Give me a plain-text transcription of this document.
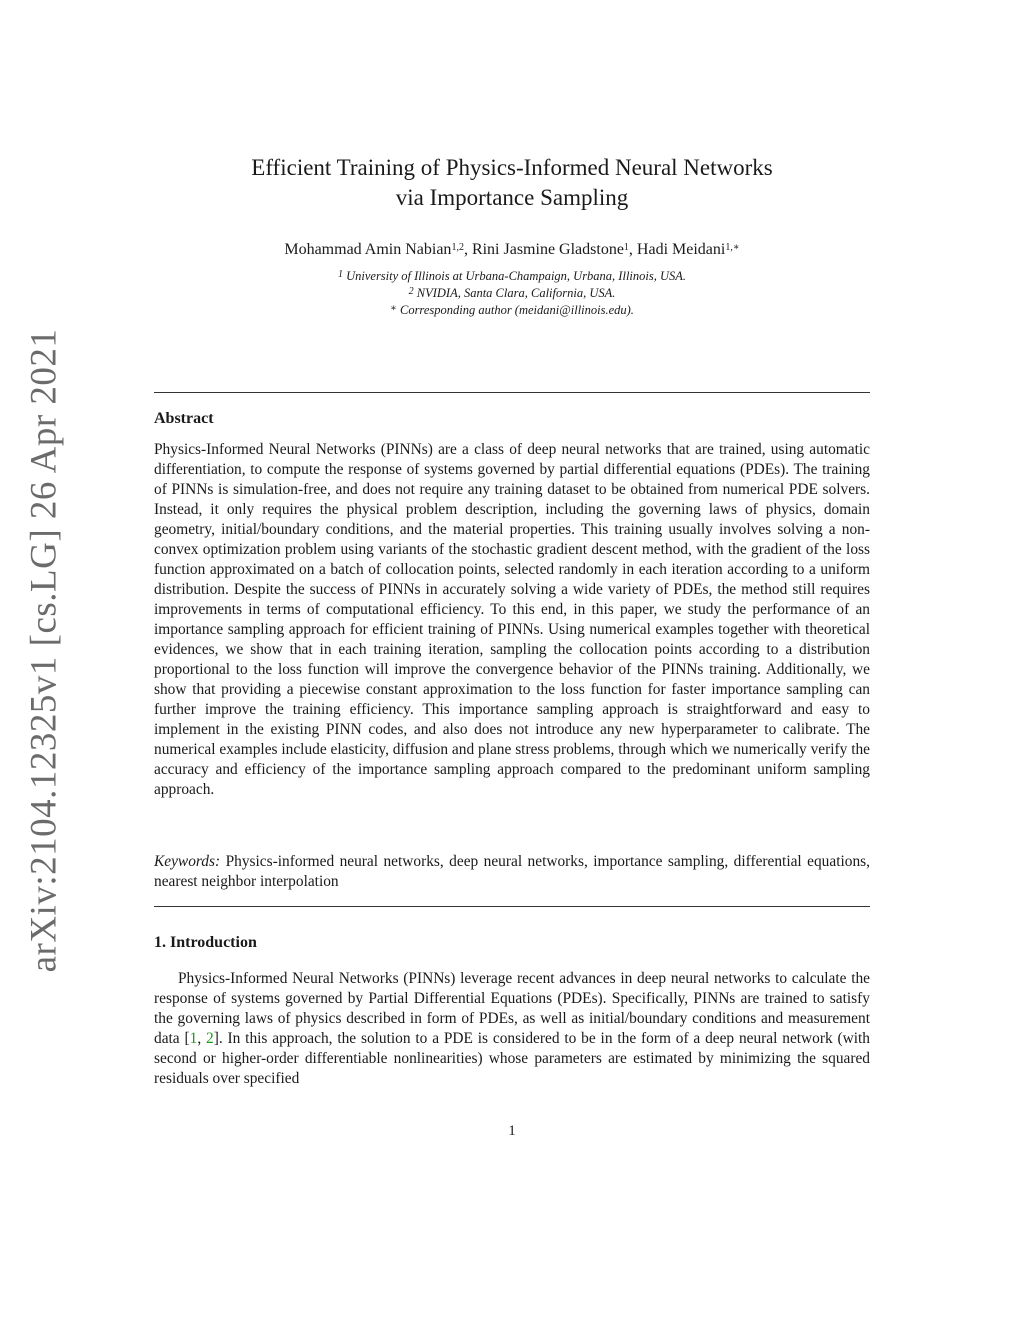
arXiv:2104.12325v1 [cs.LG] 26 Apr 2021
Efficient Training of Physics-Informed Neural Networks
via Importance Sampling
Mohammad Amin Nabian$^{1,2}$, Rini Jasmine Gladstone$^1$, Hadi Meidani$^{1,∗}$
$^1$ University of Illinois at Urbana-Champaign, Urbana, Illinois, USA.
$^2$ NVIDIA, Santa Clara, California, USA.
∗ Corresponding author (meidani@illinois.edu).
Abstract
Physics-Informed Neural Networks (PINNs) are a class of deep neural networks that are trained, using automatic differentiation, to compute the response of systems governed by partial differential equations (PDEs). The training of PINNs is simulation-free, and does not require any training dataset to be obtained from numerical PDE solvers. Instead, it only requires the physical problem description, including the governing laws of physics, domain geometry, initial/boundary conditions, and the material properties. This training usually involves solving a non-convex optimization problem using variants of the stochastic gradient descent method, with the gradient of the loss function approximated on a batch of collocation points, selected randomly in each iteration according to a uniform distribution. Despite the success of PINNs in accurately solving a wide variety of PDEs, the method still requires improvements in terms of computational efficiency. To this end, in this paper, we study the performance of an importance sampling approach for efficient training of PINNs. Using numerical examples together with theoretical evidences, we show that in each training iteration, sampling the collocation points according to a distribution proportional to the loss function will improve the convergence behavior of the PINNs training. Additionally, we show that providing a piecewise constant approximation to the loss function for faster importance sampling can further improve the training efficiency. This importance sampling approach is straightforward and easy to implement in the existing PINN codes, and also does not introduce any new hyperparameter to calibrate. The numerical examples include elasticity, diffusion and plane stress problems, through which we numerically verify the accuracy and efficiency of the importance sampling approach compared to the predominant uniform sampling approach.
Keywords: Physics-informed neural networks, deep neural networks, importance sampling, differential equations, nearest neighbor interpolation
1. Introduction
Physics-Informed Neural Networks (PINNs) leverage recent advances in deep neural networks to calculate the response of systems governed by Partial Differential Equations (PDEs). Specifically, PINNs are trained to satisfy the governing laws of physics described in form of PDEs, as well as initial/boundary conditions and measurement data [1, 2]. In this approach, the solution to a PDE is considered to be in the form of a deep neural network (with second or higher-order differentiable nonlinearities) whose parameters are estimated by minimizing the squared residuals over specified
1
